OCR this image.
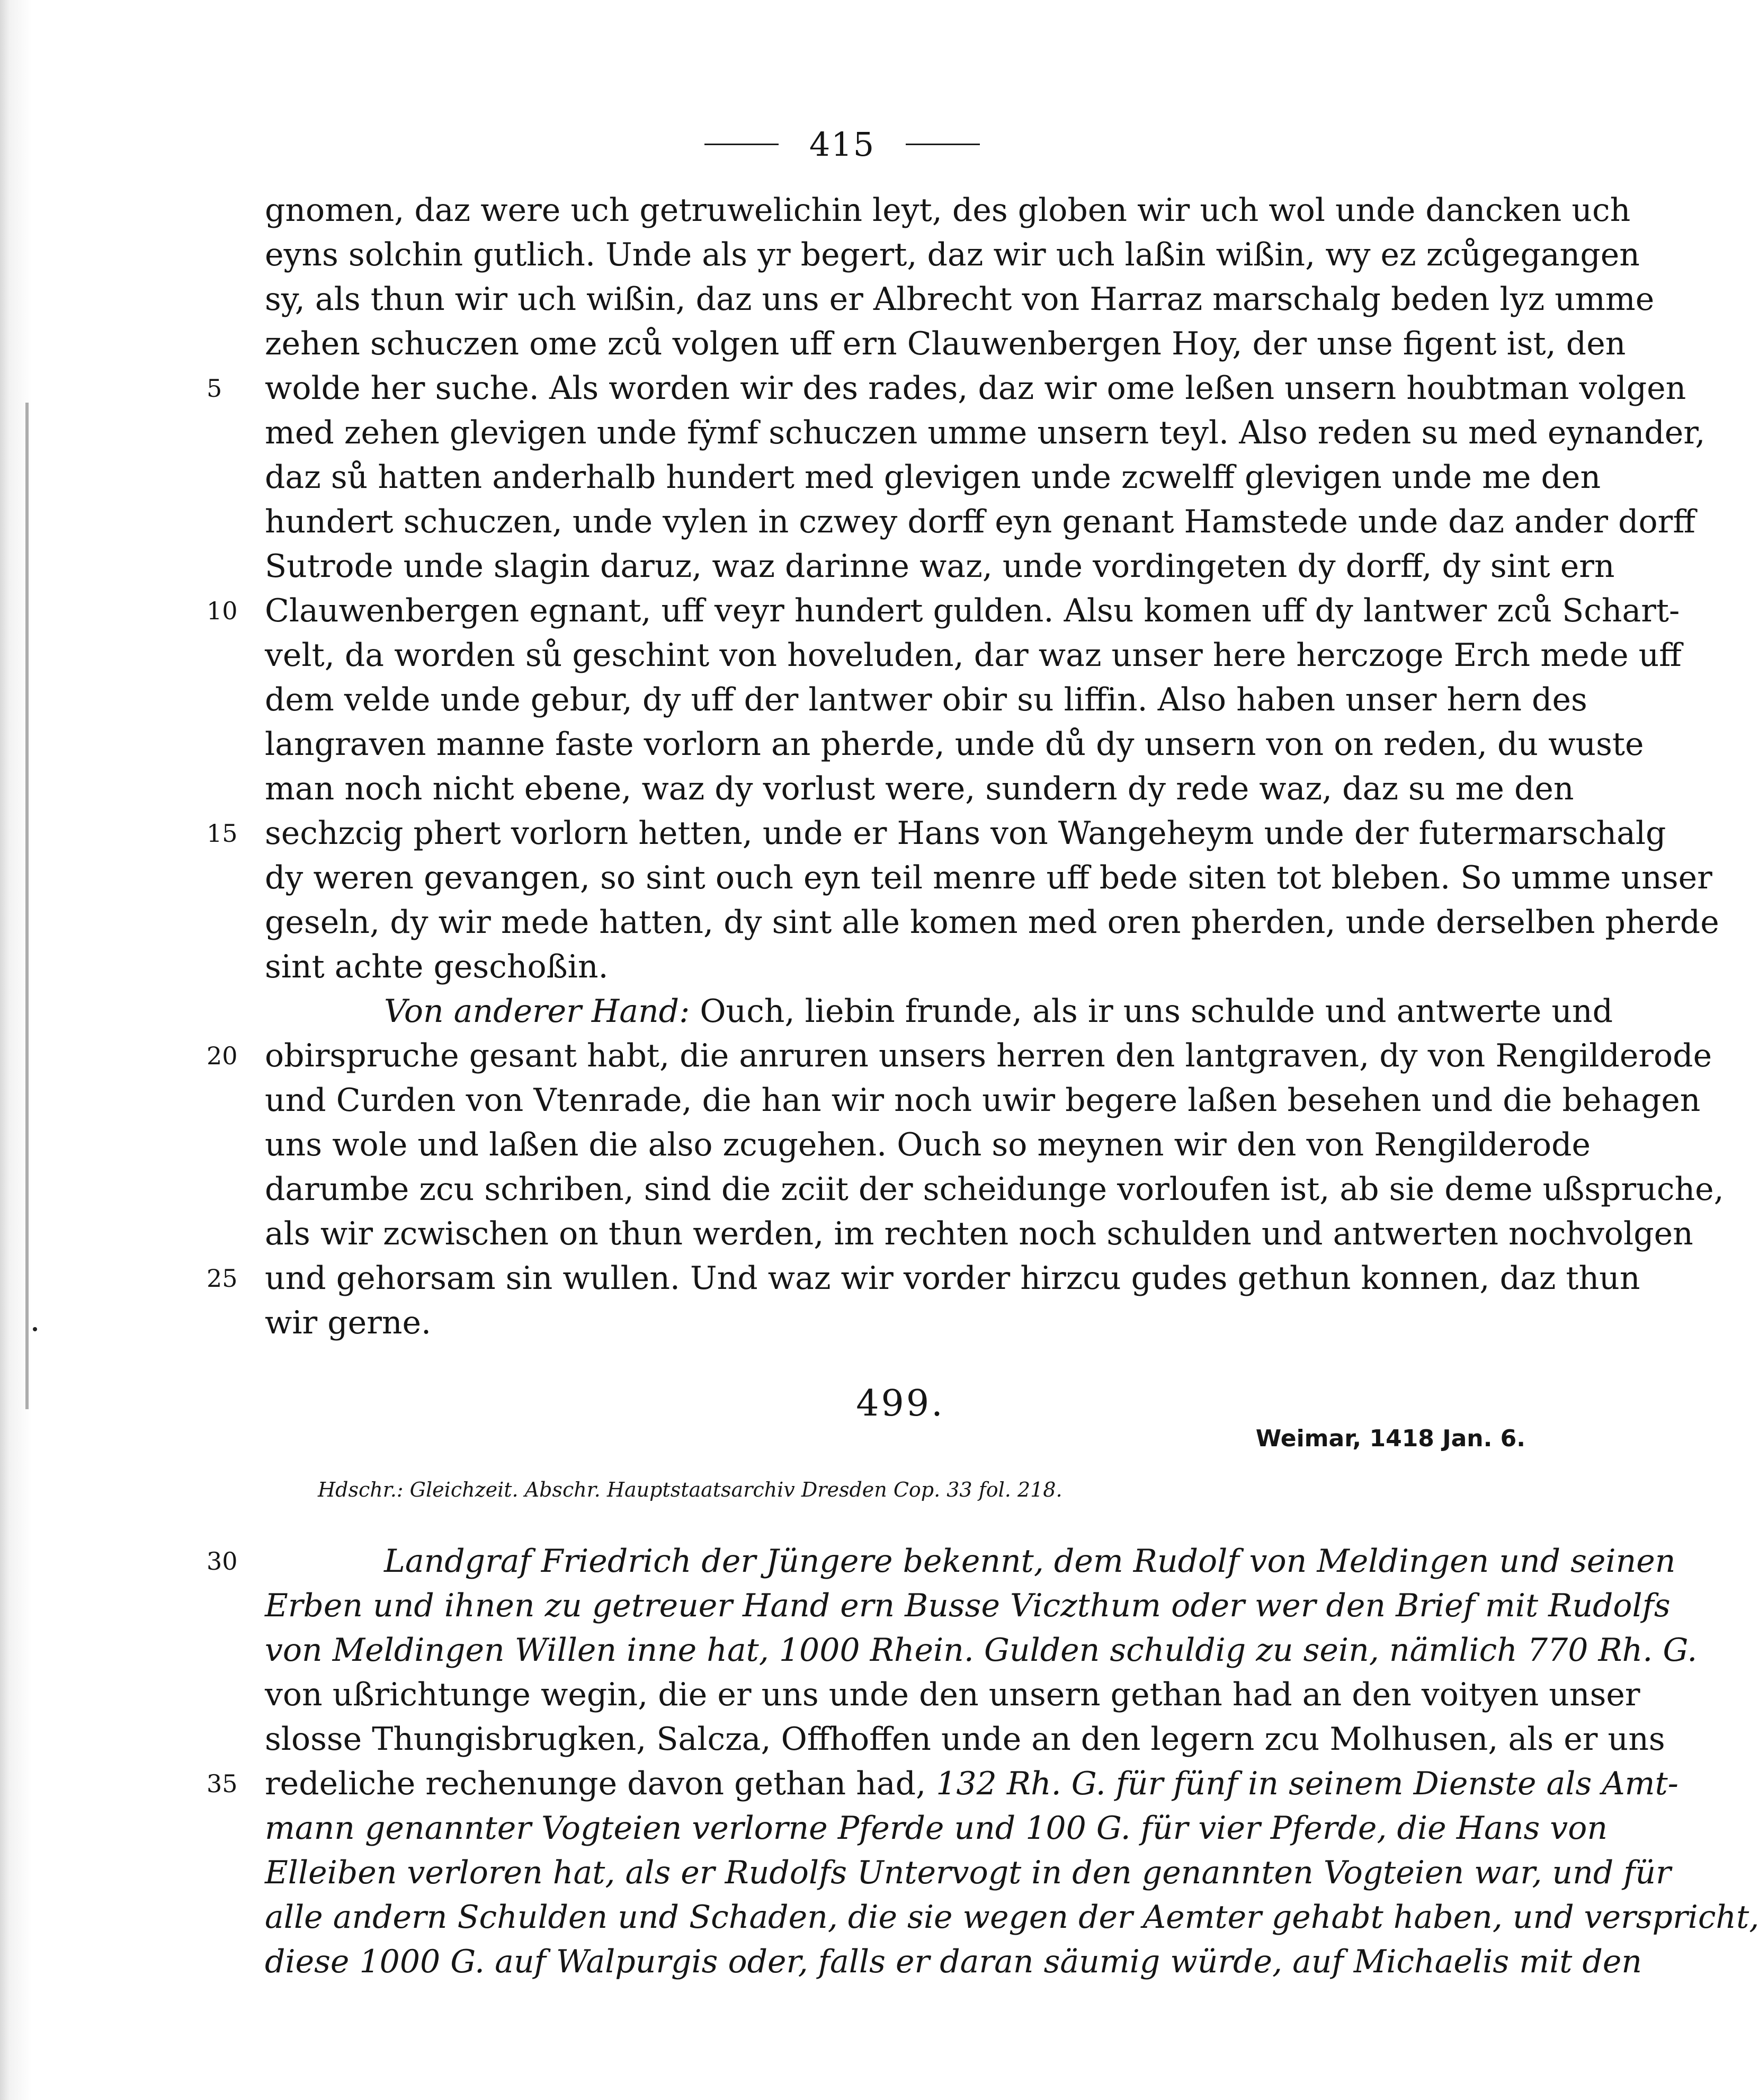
415
gnomen, daz were uch getruwelichin leyt, des globen wir uch wol unde dancken uch
eyns solchin gutlich. Unde als yr begert, daz wir uch laßin wißin, wy ez zcůgegangen
sy, als thun wir uch wißin, daz uns er Albrecht von Harraz marschalg beden lyz umme
zehen schuczen ome zců volgen uff ern Clauwenbergen Hoy, der unse figent ist, den
5	wolde her suche. Als worden wir des rades, daz wir ome leßen unsern houbtman volgen
med zehen glevigen unde fẏmf schuczen umme unsern teyl. Also reden su med eynander,
daz sů hatten anderhalb hundert med glevigen unde zcwelff glevigen unde me den
hundert schuczen, unde vylen in czwey dorff eyn genant Hamstede unde daz ander dorff
Sutrode unde slagin daruz, waz darinne waz, unde vordingeten dy dorff, dy sint ern
10 Clauwenbergen egnant, uff veyr hundert gulden. Alsu komen uff dy lantwer zců Schart-
velt, da worden sů geschint von hoveluden, dar waz unser here herczoge Erch mede uff
dem velde unde gebur, dy uff der lantwer obir su liffin. Also haben unser hern des
langraven manne faste vorlorn an pherde, unde dů dy unsern von on reden, du wuste
man noch nicht ebene, waz dy vorlust were, sundern dy rede waz, daz su me den
15 sechzcig phert vorlorn hetten, unde er Hans von Wangeheym unde der futermarschalg
dy weren gevangen, so sint ouch eyn teil menre uff bede siten tot bleben. So umme unser
geseln, dy wir mede hatten, dy sint alle komen med oren pherden, unde derselben pherde
sint achte geschoßin.
Von anderer Hand: Ouch, liebin frunde, als ir uns schulde und antwerte und
20 obirspruche gesant habt, die anruren unsers herren den lantgraven, dy von Rengilderode
und Curden von Vtenrade, die han wir noch uwir begere laßen besehen und die behagen
uns wole und laßen die also zcugehen. Ouch so meynen wir den von Rengilderode
darumbe zcu schriben, sind die zciit der scheidunge vorloufen ist, ab sie deme ußspruche,
als wir zcwischen on thun werden, im rechten noch schulden und antwerten nochvolgen
25 und gehorsam sin wullen. Und waz wir vorder hirzcu gudes gethun konnen, daz thun
wir gerne.
499.
Weimar, 1418 Jan. 6.
Hdschr.: Gleichzeit. Abschr. Hauptstaatsarchiv Dresden Cop. 33 fol. 218.
30	Landgraf Friedrich der Jüngere bekennt, dem Rudolf von Meldingen und seinen
Erben und ihnen zu getreuer Hand ern Busse Viczthum oder wer den Brief mit Rudolfs
von Meldingen Willen inne hat, 1000 Rhein. Gulden schuldig zu sein, nämlich 770 Rh. G.
von ußrichtunge wegin, die er uns unde den unsern gethan had an den voityen unser
slosse Thungisbrugken, Salcza, Offhoffen unde an den legern zcu Molhusen, als er uns
35 redeliche rechenunge davon gethan had, 132 Rh. G. für fünf in seinem Dienste als Amt-
mann genannter Vogteien verlorne Pferde und 100 G. für vier Pferde, die Hans von
Elleiben verloren hat, als er Rudolfs Untervogt in den genannten Vogteien war, und für
alle andern Schulden und Schaden, die sie wegen der Aemter gehabt haben, und verspricht,
diese 1000 G. auf Walpurgis oder, falls er daran säumig würde, auf Michaelis mit den
